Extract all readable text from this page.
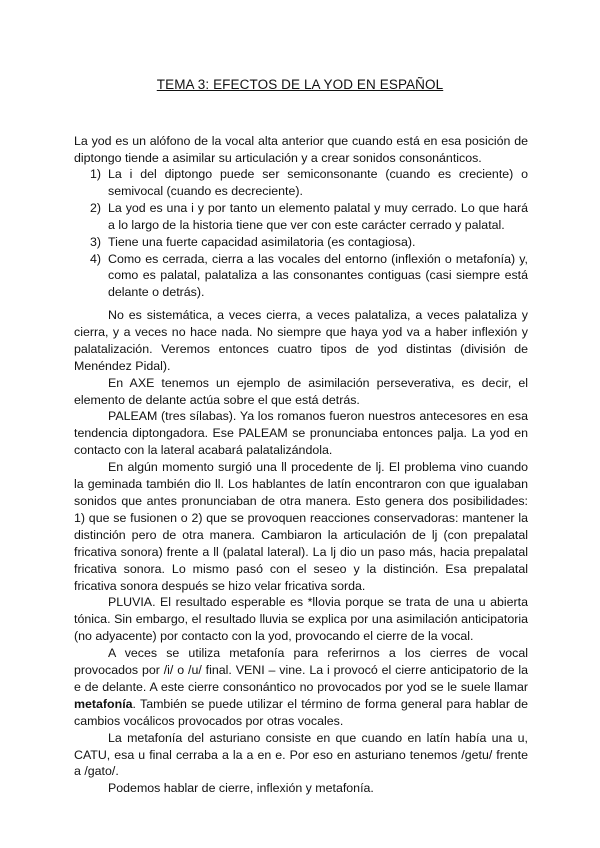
TEMA 3: EFECTOS DE LA YOD EN ESPAÑOL

La yod es un alófono de la vocal alta anterior que cuando está en esa posición de diptongo tiende a asimilar su articulación y a crear sonidos consonánticos.

1) La i del diptongo puede ser semiconsonante (cuando es creciente) o semivocal (cuando es decreciente).
2) La yod es una i y por tanto un elemento palatal y muy cerrado. Lo que hará a lo largo de la historia tiene que ver con este carácter cerrado y palatal.
3) Tiene una fuerte capacidad asimilatoria (es contagiosa).
4) Como es cerrada, cierra a las vocales del entorno (inflexión o metafonía) y, como es palatal, palataliza a las consonantes contiguas (casi siempre está delante o detrás).

No es sistemática, a veces cierra, a veces palataliza, a veces palataliza y cierra, y a veces no hace nada. No siempre que haya yod va a haber inflexión y palatalización. Veremos entonces cuatro tipos de yod distintas (división de Menéndez Pidal).

En AXE tenemos un ejemplo de asimilación perseverativa, es decir, el elemento de delante actúa sobre el que está detrás.

PALEAM (tres sílabas). Ya los romanos fueron nuestros antecesores en esa tendencia diptongadora. Ese PALEAM se pronunciaba entonces palja. La yod en contacto con la lateral acabará palatalizándola.

En algún momento surgió una ll procedente de lj. El problema vino cuando la geminada también dio ll. Los hablantes de latín encontraron con que igualaban sonidos que antes pronunciaban de otra manera. Esto genera dos posibilidades: 1) que se fusionen o 2) que se provoquen reacciones conservadoras: mantener la distinción pero de otra manera. Cambiaron la articulación de lj (con prepalatal fricativa sonora) frente a ll (palatal lateral). La lj dio un paso más, hacia prepalatal fricativa sonora. Lo mismo pasó con el seseo y la distinción. Esa prepalatal fricativa sonora después se hizo velar fricativa sorda.

PLUVIA. El resultado esperable es *llovia porque se trata de una u abierta tónica. Sin embargo, el resultado lluvia se explica por una asimilación anticipatoria (no adyacente) por contacto con la yod, provocando el cierre de la vocal.

A veces se utiliza metafonía para referirnos a los cierres de vocal provocados por /i/ o /u/ final. VENI – vine. La i provocó el cierre anticipatorio de la e de delante. A este cierre consonántico no provocados por yod se le suele llamar metafonía. También se puede utilizar el término de forma general para hablar de cambios vocálicos provocados por otras vocales.

La metafonía del asturiano consiste en que cuando en latín había una u, CATU, esa u final cerraba a la a en e. Por eso en asturiano tenemos /getu/ frente a /gato/.

Podemos hablar de cierre, inflexión y metafonía.
